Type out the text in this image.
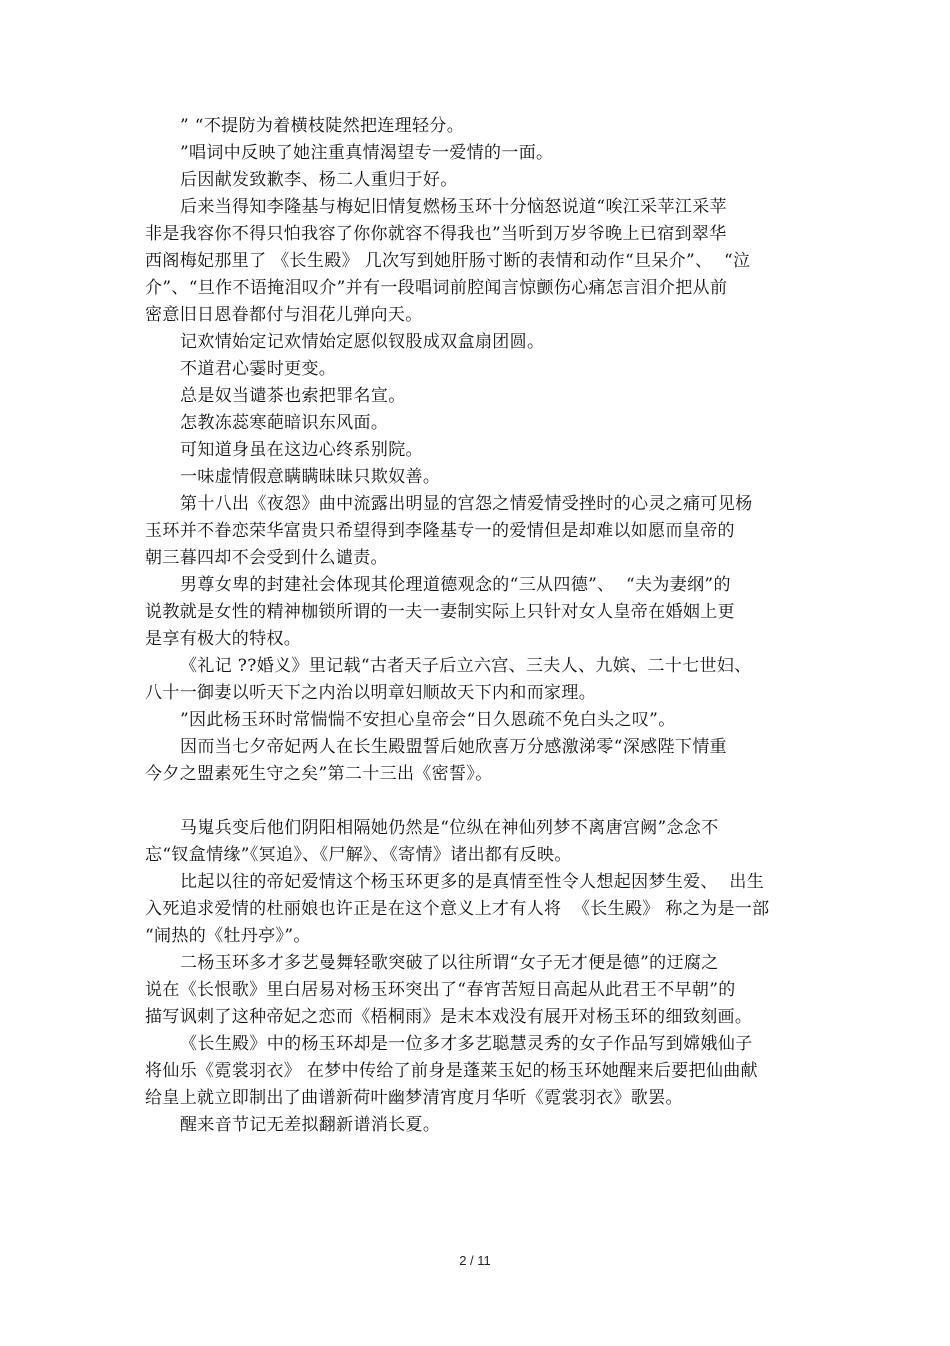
” “不提防为着横枝陡然把连理轻分。
”唱词中反映了她注重真情渴望专一爱情的一面。
后因献发致歉李、杨二人重归于好。
后来当得知李隆基与梅妃旧情复燃杨玉环十分恼怒说道“唉江采苹江采苹
非是我容你不得只怕我容了你你就容不得我也”当听到万岁爷晚上已宿到翠华
西阁梅妃那里了 《长生殿》 几次写到她肝肠寸断的表情和动作“旦呆介”、  “泣
介”、“旦作不语掩泪叹介”并有一段唱词前腔闻言惊颤伤心痛怎言泪介把从前
密意旧日恩眷都付与泪花儿弹向天。
记欢情始定记欢情始定愿似钗股成双盒扇团圆。
不道君心霎时更变。
总是奴当谴茶也索把罪名宣。
怎教冻蕊寒葩暗识东风面。
可知道身虽在这边心终系别院。
一味虚情假意瞒瞒昧昧只欺奴善。
第十八出《夜怨》曲中流露出明显的宫怨之情爱情受挫时的心灵之痛可见杨
玉环并不眷恋荣华富贵只希望得到李隆基专一的爱情但是却难以如愿而皇帝的
朝三暮四却不会受到什么谴责。
男尊女卑的封建社会体现其伦理道德观念的“三从四德”、  “夫为妻纲”的
说教就是女性的精神枷锁所谓的一夫一妻制实际上只针对女人皇帝在婚姻上更
是享有极大的特权。
《礼记 ??婚义》里记载“古者天子后立六宫、三夫人、九嫔、二十七世妇、
八十一御妻以听天下之内治以明章妇顺故天下内和而家理。
”因此杨玉环时常惴惴不安担心皇帝会“日久恩疏不免白头之叹”。
因而当七夕帝妃两人在长生殿盟誓后她欣喜万分感激涕零“深感陛下情重
今夕之盟素死生守之矣”第二十三出《密誓》。
马嵬兵变后他们阴阳相隔她仍然是“位纵在神仙列梦不离唐宫阙”念念不
忘“钗盒情缘”《冥追》、《尸解》、《寄情》诸出都有反映。
比起以往的帝妃爱情这个杨玉环更多的是真情至性令人想起因梦生爱、  出生
入死追求爱情的杜丽娘也许正是在这个意义上才有人将  《长生殿》 称之为是一部
“闹热的《牡丹亭》”。
二杨玉环多才多艺曼舞轻歌突破了以往所谓“女子无才便是德”的迂腐之
说在《长恨歌》里白居易对杨玉环突出了“春宵苦短日高起从此君王不早朝”的
描写讽刺了这种帝妃之恋而《梧桐雨》是末本戏没有展开对杨玉环的细致刻画。
《长生殿》中的杨玉环却是一位多才多艺聪慧灵秀的女子作品写到嫦娥仙子
将仙乐《霓裳羽衣》 在梦中传给了前身是蓬莱玉妃的杨玉环她醒来后要把仙曲献
给皇上就立即制出了曲谱新荷叶幽梦清宵度月华听《霓裳羽衣》歌罢。
醒来音节记无差拟翻新谱消长夏。
2 / 11
